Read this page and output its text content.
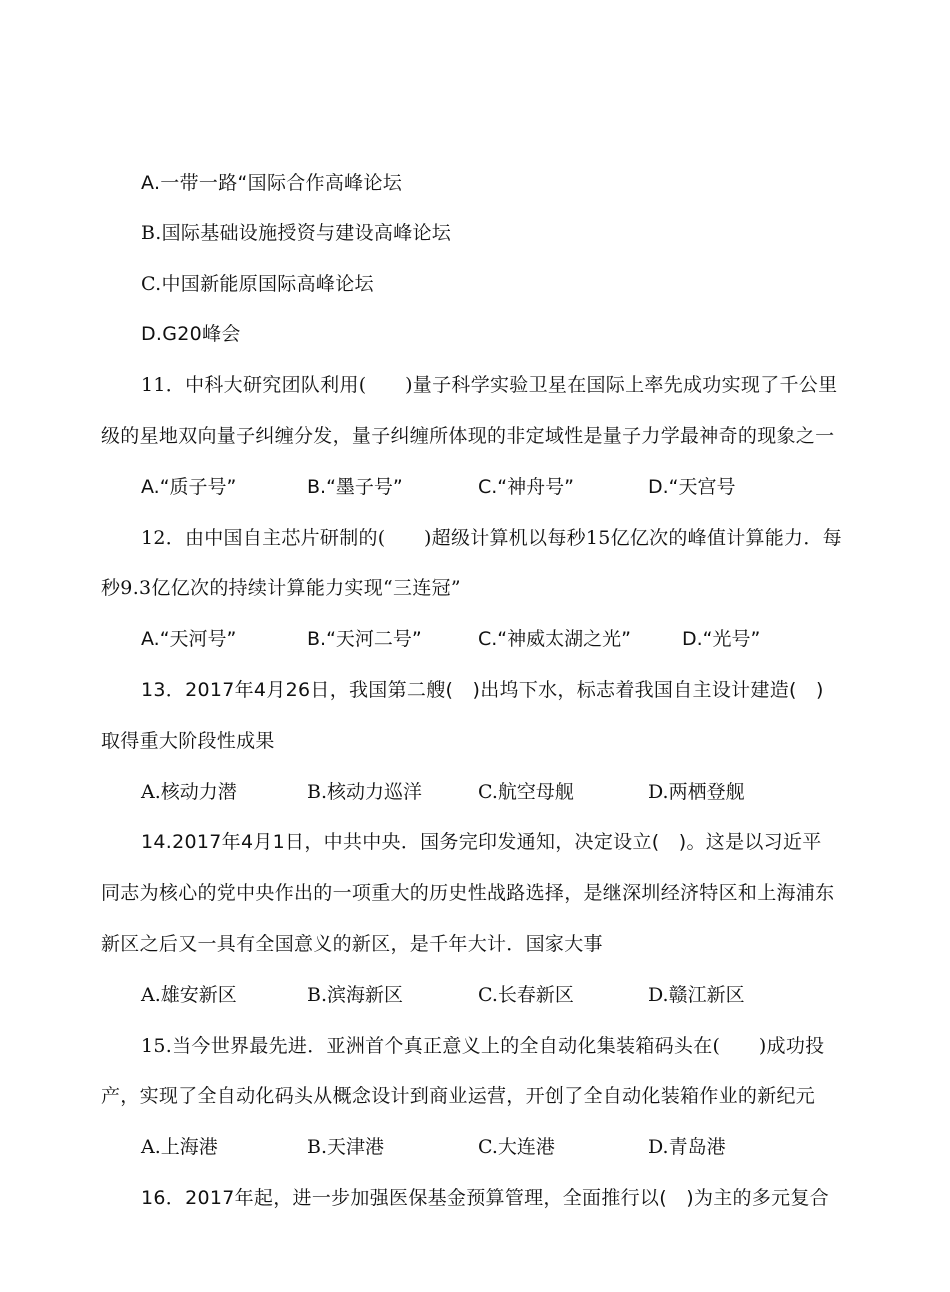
A.一带一路“国际合作高峰论坛
B.国际基础设施授资与建设高峰论坛
C.中国新能原国际高峰论坛
D.G20峰会
11．中科大研究团队利用(　　)量子科学实验卫星在国际上率先成功实现了千公里
级的星地双向量子纠缠分发，量子纠缠所体现的非定域性是量子力学最神奇的现象之一
A.“质子号”	B.“墨子号”	C.“神舟号”	D.“天宫号
12．由中国自主芯片研制的(　　)超级计算机以每秒15亿亿次的峰值计算能力．每
秒9.3亿亿次的持续计算能力实现“三连冠”
A.“天河号”	B.“天河二号”	C.“神威太湖之光”	D.“光号”
13．2017年4月26日，我国第二艘(　)出坞下水，标志着我国自主设计建造(　)
取得重大阶段性成果
A.核动力潜	B.核动力巡洋	C.航空母舰	D.两栖登舰
14.2017年4月1日，中共中央．国务完印发通知，决定设立(　)。这是以习近平
同志为核心的党中央作出的一项重大的历史性战路选择，是继深圳经济特区和上海浦东
新区之后又一具有全国意义的新区，是千年大计．国家大事
A.雄安新区	B.滨海新区	C.长春新区	D.赣江新区
15.当今世界最先进．亚洲首个真正意义上的全自动化集装箱码头在(　　)成功投
产，实现了全自动化码头从概念设计到商业运营，开创了全自动化装箱作业的新纪元
A.上海港	B.天津港	C.大连港	D.青岛港
16．2017年起，进一步加强医保基金预算管理，全面推行以(　)为主的多元复合
